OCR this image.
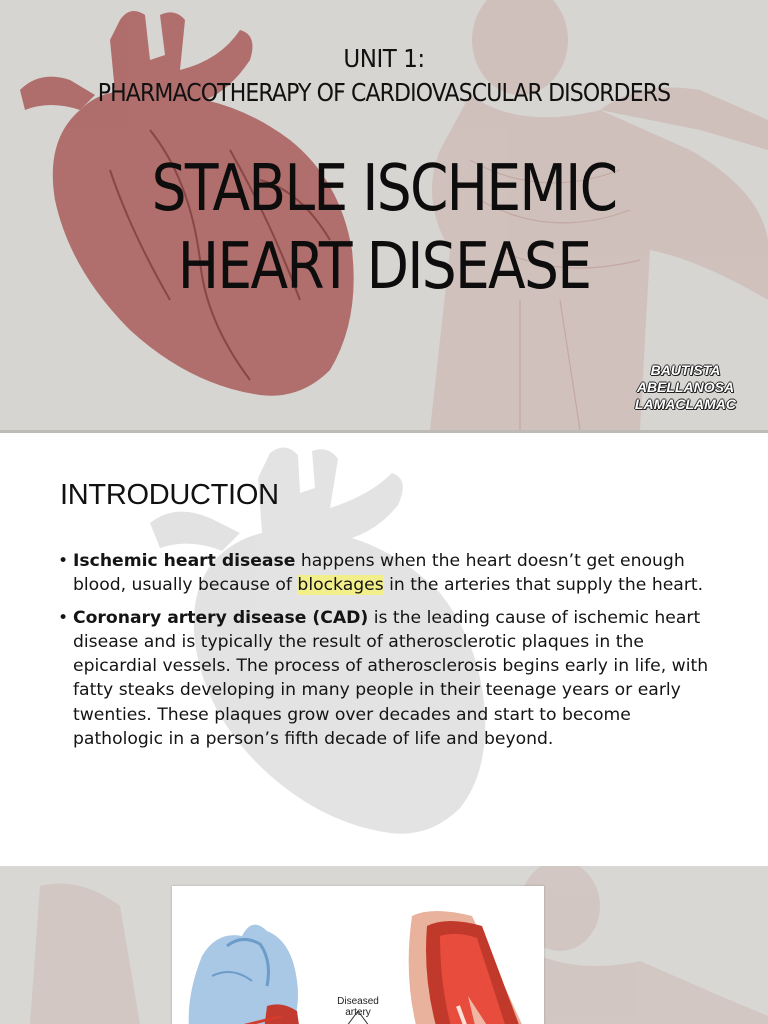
UNIT 1:
PHARMACOTHERAPY OF CARDIOVASCULAR DISORDERS
STABLE ISCHEMIC
HEART DISEASE
BAUTISTA
ABELLANOSA
LAMACLAMAC
INTRODUCTION
• Ischemic heart disease happens when the heart doesn’t get enough blood, usually because of blockages in the arteries that supply the heart.
• Coronary artery disease (CAD) is the leading cause of ischemic heart disease and is typically the result of atherosclerotic plaques in the epicardial vessels. The process of atherosclerosis begins early in life, with fatty steaks developing in many people in their teenage years or early twenties. These plaques grow over decades and start to become pathologic in a person’s fifth decade of life and beyond.
Diseased
artery
